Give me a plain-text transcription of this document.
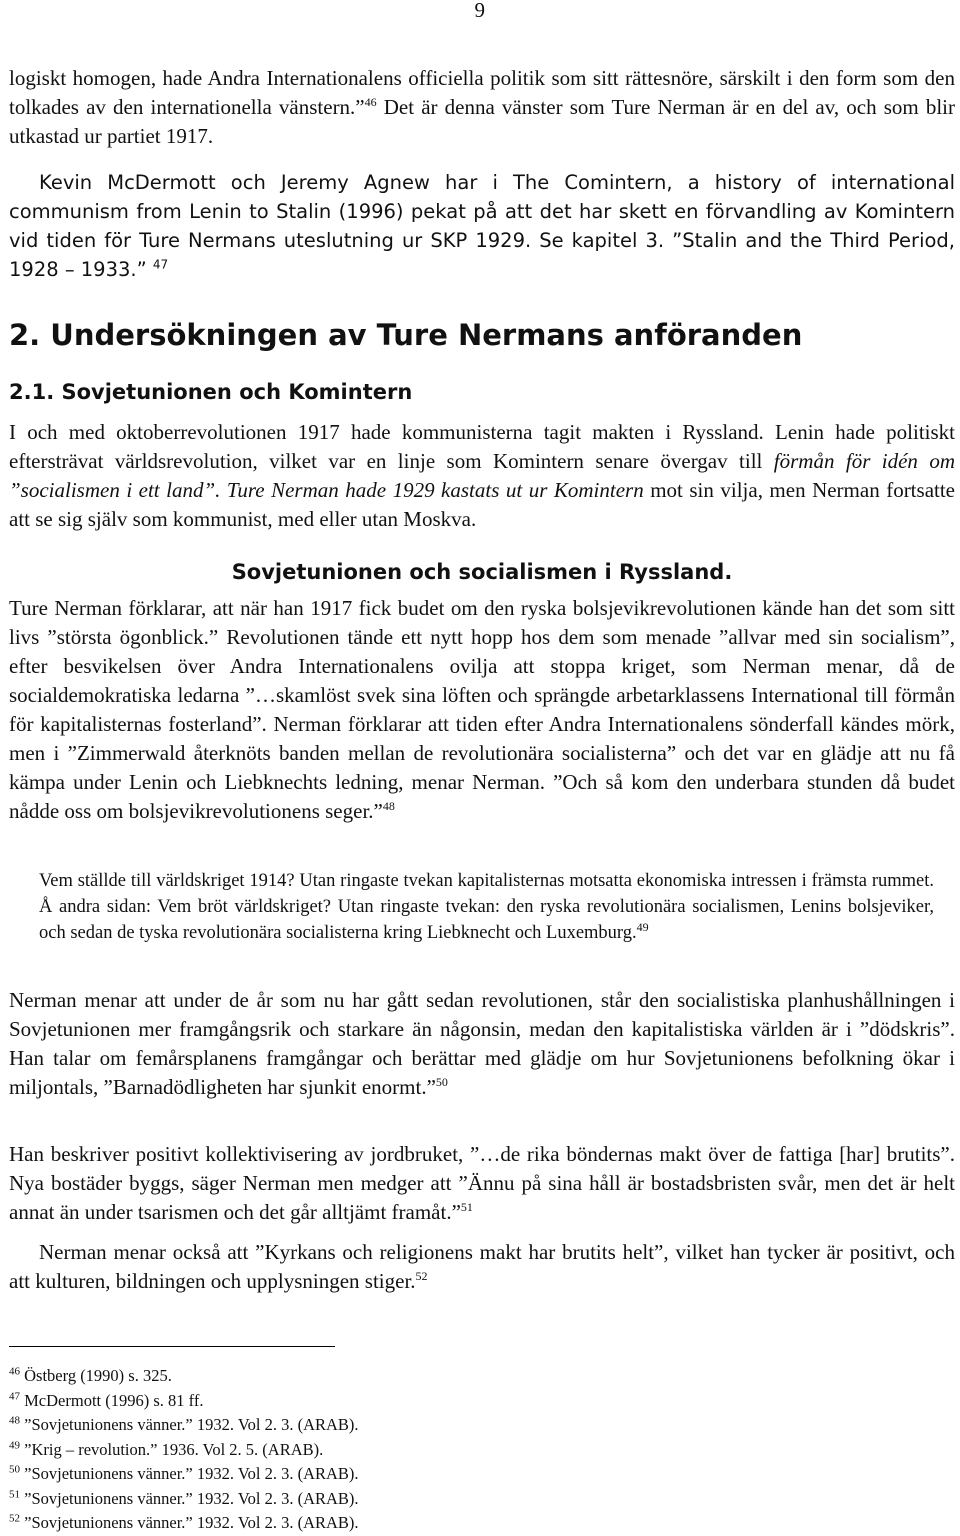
9
logiskt homogen, hade Andra Internationalens officiella politik som sitt rättesnöre, särskilt i den form som den tolkades av den internationella vänstern.”$^{46}$ Det är denna vänster som Ture Nerman är en del av, och som blir utkastad ur partiet 1917.
Kevin McDermott och Jeremy Agnew har i The Comintern, a history of international communism from Lenin to Stalin (1996) pekat på att det har skett en förvandling av Komintern vid tiden för Ture Nermans uteslutning ur SKP 1929. Se kapitel 3. ”Stalin and the Third Period, 1928 – 1933.” $^{47}$
2. Undersökningen av Ture Nermans anföranden
2.1. Sovjetunionen och Komintern
I och med oktoberrevolutionen 1917 hade kommunisterna tagit makten i Ryssland. Lenin hade politiskt eftersträvat världsrevolution, vilket var en linje som Komintern senare övergav till förmån för idén om ”socialismen i ett land”. Ture Nerman hade 1929 kastats ut ur Komintern mot sin vilja, men Nerman fortsatte att se sig själv som kommunist, med eller utan Moskva.
Sovjetunionen och socialismen i Ryssland.
Ture Nerman förklarar, att när han 1917 fick budet om den ryska bolsjevikrevolutionen kände han det som sitt livs ”största ögonblick.” Revolutionen tände ett nytt hopp hos dem som menade ”allvar med sin socialism”, efter besvikelsen över Andra Internationalens ovilja att stoppa kriget, som Nerman menar, då de socialdemokratiska ledarna ”…skamlöst svek sina löften och sprängde arbetarklassens International till förmån för kapitalisternas fosterland”. Nerman förklarar att tiden efter Andra Internationalens sönderfall kändes mörk, men i ”Zimmerwald återknöts banden mellan de revolutionära socialisterna” och det var en glädje att nu få kämpa under Lenin och Liebknechts ledning, menar Nerman. ”Och så kom den underbara stunden då budet nådde oss om bolsjevikrevolutionens seger.”$^{48}$
Vem ställde till världskriget 1914? Utan ringaste tvekan kapitalisternas motsatta ekonomiska intressen i främsta rummet. Å andra sidan: Vem bröt världskriget? Utan ringaste tvekan: den ryska revolutionära socialismen, Lenins bolsjeviker, och sedan de tyska revolutionära socialisterna kring Liebknecht och Luxemburg.$^{49}$
Nerman menar att under de år som nu har gått sedan revolutionen, står den socialistiska planhushållningen i Sovjetunionen mer framgångsrik och starkare än någonsin, medan den kapitalistiska världen är i ”dödskris”. Han talar om femårsplanens framgångar och berättar med glädje om hur Sovjetunionens befolkning ökar i miljontals, ”Barnadödligheten har sjunkit enormt.”$^{50}$
Han beskriver positivt kollektivisering av jordbruket, ”…de rika böndernas makt över de fattiga [har] brutits”. Nya bostäder byggs, säger Nerman men medger att ”Ännu på sina håll är bostadsbristen svår, men det är helt annat än under tsarismen och det går alltjämt framåt.”$^{51}$
Nerman menar också att ”Kyrkans och religionens makt har brutits helt”, vilket han tycker är positivt, och att kulturen, bildningen och upplysningen stiger.$^{52}$
$^{46}$ Östberg (1990) s. 325.
$^{47}$ McDermott (1996) s. 81 ff.
$^{48}$ ”Sovjetunionens vänner.” 1932. Vol 2. 3. (ARAB).
$^{49}$ ”Krig – revolution.” 1936. Vol 2. 5. (ARAB).
$^{50}$ ”Sovjetunionens vänner.” 1932. Vol 2. 3. (ARAB).
$^{51}$ ”Sovjetunionens vänner.” 1932. Vol 2. 3. (ARAB).
$^{52}$ ”Sovjetunionens vänner.” 1932. Vol 2. 3. (ARAB).
